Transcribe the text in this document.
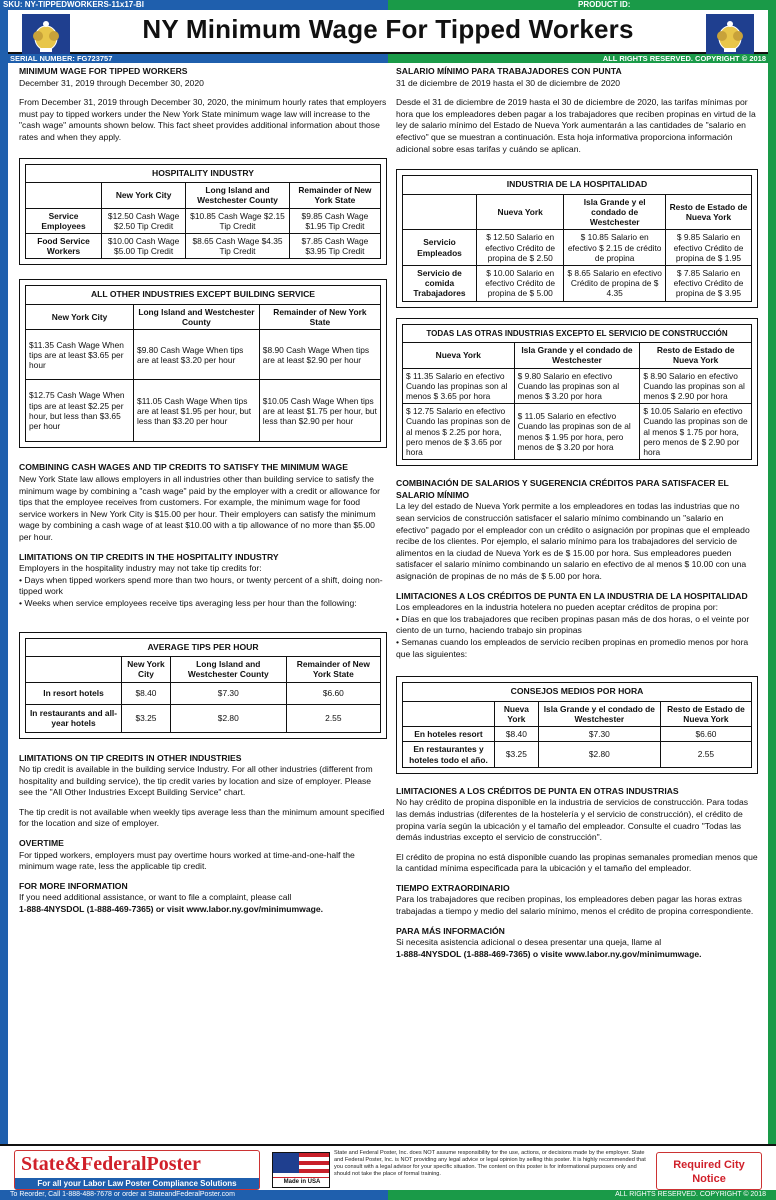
SKU: NY-TIPPEDWORKERS-11x17-BI	PRODUCT ID:
NY Minimum Wage For Tipped Workers
SERIAL NUMBER: FG723757	ALL RIGHTS RESERVED. COPYRIGHT © 2018

MINIMUM WAGE FOR TIPPED WORKERS

December 31, 2019 through December 30, 2020

From December 31, 2019 through December 30, 2020, the minimum hourly rates that employers must pay to tipped workers under the New York State minimum wage law will increase to the "cash wage" amounts shown below. This fact sheet provides additional information about those rates and when they apply.

HOSPITALITY INDUSTRY
	New York City	Long Island and Westchester County	Remainder of New York State
Service Employees	$12.50 Cash Wage $2.50 Tip Credit	$10.85 Cash Wage $2.15 Tip Credit	$9.85 Cash Wage $1.95 Tip Credit
Food Service Workers	$10.00 Cash Wage $5.00 Tip Credit	$8.65 Cash Wage $4.35 Tip Credit	$7.85 Cash Wage $3.95 Tip Credit
ALL OTHER INDUSTRIES EXCEPT BUILDING SERVICE
New York City	Long Island and Westchester County	Remainder of New York State
$11.35 Cash Wage When tips are at least $3.65 per hour	$9.80 Cash Wage When tips are at least $3.20 per hour	$8.90 Cash Wage When tips are at least $2.90 per hour
$12.75 Cash Wage When tips are at least $2.25 per hour, but less than $3.65 per hour	$11.05 Cash Wage When tips are at least $1.95 per hour, but less than $3.20 per hour	$10.05 Cash Wage When tips are at least $1.75 per hour, but less than $2.90 per hour

COMBINING CASH WAGES AND TIP CREDITS TO SATISFY THE MINIMUM WAGE

New York State law allows employers in all industries other than building service to satisfy the minimum wage by combining a "cash wage" paid by the employer with a credit or allowance for tips that the employee receives from customers. For example, the minimum wage for food service workers in New York City is $15.00 per hour. Their employers can satisfy the minimum wage by combining a cash wage of at least $10.00 with a tip allowance of no more than $5.00 per hour.

LIMITATIONS ON TIP CREDITS IN THE HOSPITALITY INDUSTRY

Employers in the hospitality industry may not take tip credits for:

• Days when tipped workers spend more than two hours, or twenty percent of a shift, doing non-tipped work

• Weeks when service employees receive tips averaging less per hour than the following:

AVERAGE TIPS PER HOUR
	New York City	Long Island and Westchester County	Remainder of New York State
In resort hotels	$8.40	$7.30	$6.60
In restaurants and all-year hotels	$3.25	$2.80	2.55

LIMITATIONS ON TIP CREDITS IN OTHER INDUSTRIES

No tip credit is available in the building service Industry. For all other industries (different from hospitality and building service), the tip credit varies by location and size of employer. Please see the "All Other Industries Except Building Service" chart.

The tip credit is not available when weekly tips average less than the minimum amount specified for the location and size of employer.

OVERTIME

For tipped workers, employers must pay overtime hours worked at time-and-one-half the minimum wage rate, less the applicable tip credit.

FOR MORE INFORMATION

If you need additional assistance, or want to file a complaint, please call

1-888-4NYSDOL (1-888-469-7365) or visit www.labor.ny.gov/minimumwage.

SALARIO MÍNIMO PARA TRABAJADORES CON PUNTA

31 de diciembre de 2019 hasta el 30 de diciembre de 2020

Desde el 31 de diciembre de 2019 hasta el 30 de diciembre de 2020, las tarifas mínimas por hora que los empleadores deben pagar a los trabajadores que reciben propinas en virtud de la ley de salario mínimo del Estado de Nueva York aumentarán a las cantidades de "salario en efectivo" que se muestran a continuación. Esta hoja informativa proporciona información adicional sobre esas tarifas y cuándo se aplican.

INDUSTRIA DE LA HOSPITALIDAD
	Nueva York	Isla Grande y el condado de Westchester	Resto de Estado de Nueva York
Servicio Empleados	$ 12.50 Salario en efectivo Crédito de propina de $ 2.50	$ 10.85 Salario en efectivo $ 2.15 de crédito de propina	$ 9.85 Salario en efectivo Crédito de propina de $ 1.95
Servicio de comida Trabajadores	$ 10.00 Salario en efectivo Crédito de propina de $ 5.00	$ 8.65 Salario en efectivo Crédito de propina de $ 4.35	$ 7.85 Salario en efectivo Crédito de propina de $ 3.95
TODAS LAS OTRAS INDUSTRIAS EXCEPTO EL SERVICIO DE CONSTRUCCIÓN
Nueva York	Isla Grande y el condado de Westchester	Resto de Estado de Nueva York
$ 11.35 Salario en efectivo Cuando las propinas son al menos $ 3.65 por hora	$ 9.80 Salario en efectivo Cuando las propinas son al menos $ 3.20 por hora	$ 8.90 Salario en efectivo Cuando las propinas son al menos $ 2.90 por hora
$ 12.75 Salario en efectivo Cuando las propinas son de al menos $ 2.25 por hora, pero menos de $ 3.65 por hora	$ 11.05 Salario en efectivo Cuando las propinas son de al menos $ 1.95 por hora, pero menos de $ 3.20 por hora	$ 10.05 Salario en efectivo Cuando las propinas son de al menos $ 1.75 por hora, pero menos de $ 2.90 por hora

COMBINACIÓN DE SALARIOS Y SUGERENCIA CRÉDITOS PARA SATISFACER EL SALARIO MÍNIMO

La ley del estado de Nueva York permite a los empleadores en todas las industrias que no sean servicios de construcción satisfacer el salario mínimo combinando un "salario en efectivo" pagado por el empleador con un crédito o asignación por propinas que el empleado recibe de los clientes. Por ejemplo, el salario mínimo para los trabajadores del servicio de alimentos en la ciudad de Nueva York es de $ 15.00 por hora. Sus empleadores pueden satisfacer el salario mínimo combinando un salario en efectivo de al menos $ 10.00 con una asignación de propinas de no más de $ 5.00 por hora.

LIMITACIONES A LOS CRÉDITOS DE PUNTA EN LA INDUSTRIA DE LA HOSPITALIDAD

Los empleadores en la industria hotelera no pueden aceptar créditos de propina por:

• Días en que los trabajadores que reciben propinas pasan más de dos horas, o el veinte por ciento de un turno, haciendo trabajo sin propinas

• Semanas cuando los empleados de servicio reciben propinas en promedio menos por hora que las siguientes:

CONSEJOS MEDIOS POR HORA
	Nueva York	Isla Grande y el condado de Westchester	Resto de Estado de Nueva York
En hoteles resort	$8.40	$7.30	$6.60
En restaurantes y hoteles todo el año.	$3.25	$2.80	2.55

LIMITACIONES A LOS CRÉDITOS DE PUNTA EN OTRAS INDUSTRIAS

No hay crédito de propina disponible en la industria de servicios de construcción. Para todas las demás industrias (diferentes de la hostelería y el servicio de construcción), el crédito de propina varía según la ubicación y el tamaño del empleador. Consulte el cuadro "Todas las demás industrias excepto el servicio de construcción".

El crédito de propina no está disponible cuando las propinas semanales promedian menos que la cantidad mínima especificada para la ubicación y el tamaño del empleador.

TIEMPO EXTRAORDINARIO

Para los trabajadores que reciben propinas, los empleadores deben pagar las horas extras trabajadas a tiempo y medio del salario mínimo, menos el crédito de propina correspondiente.

PARA MÁS INFORMACIÓN

Si necesita asistencia adicional o desea presentar una queja, llame al

1-888-4NYSDOL (1-888-469-7365) o visite www.labor.ny.gov/minimumwage.

State&FederalPoster
For all your Labor Law Poster Compliance Solutions	Made in USA
State and Federal Poster, Inc. does NOT assume responsibility for the use, actions, or decisions made by the employer. State and Federal Poster, Inc. is NOT providing any legal advice or legal opinion by selling this poster. It is highly recommended that you consult with a legal advisor for your specific situation. The content on this poster is for informational purposes only and should not take the place of formal training.
Required City Notice
To Reorder, Call 1-888-488-7678 or order at StateandFederalPoster.com	ALL RIGHTS RESERVED. COPYRIGHT © 2018
